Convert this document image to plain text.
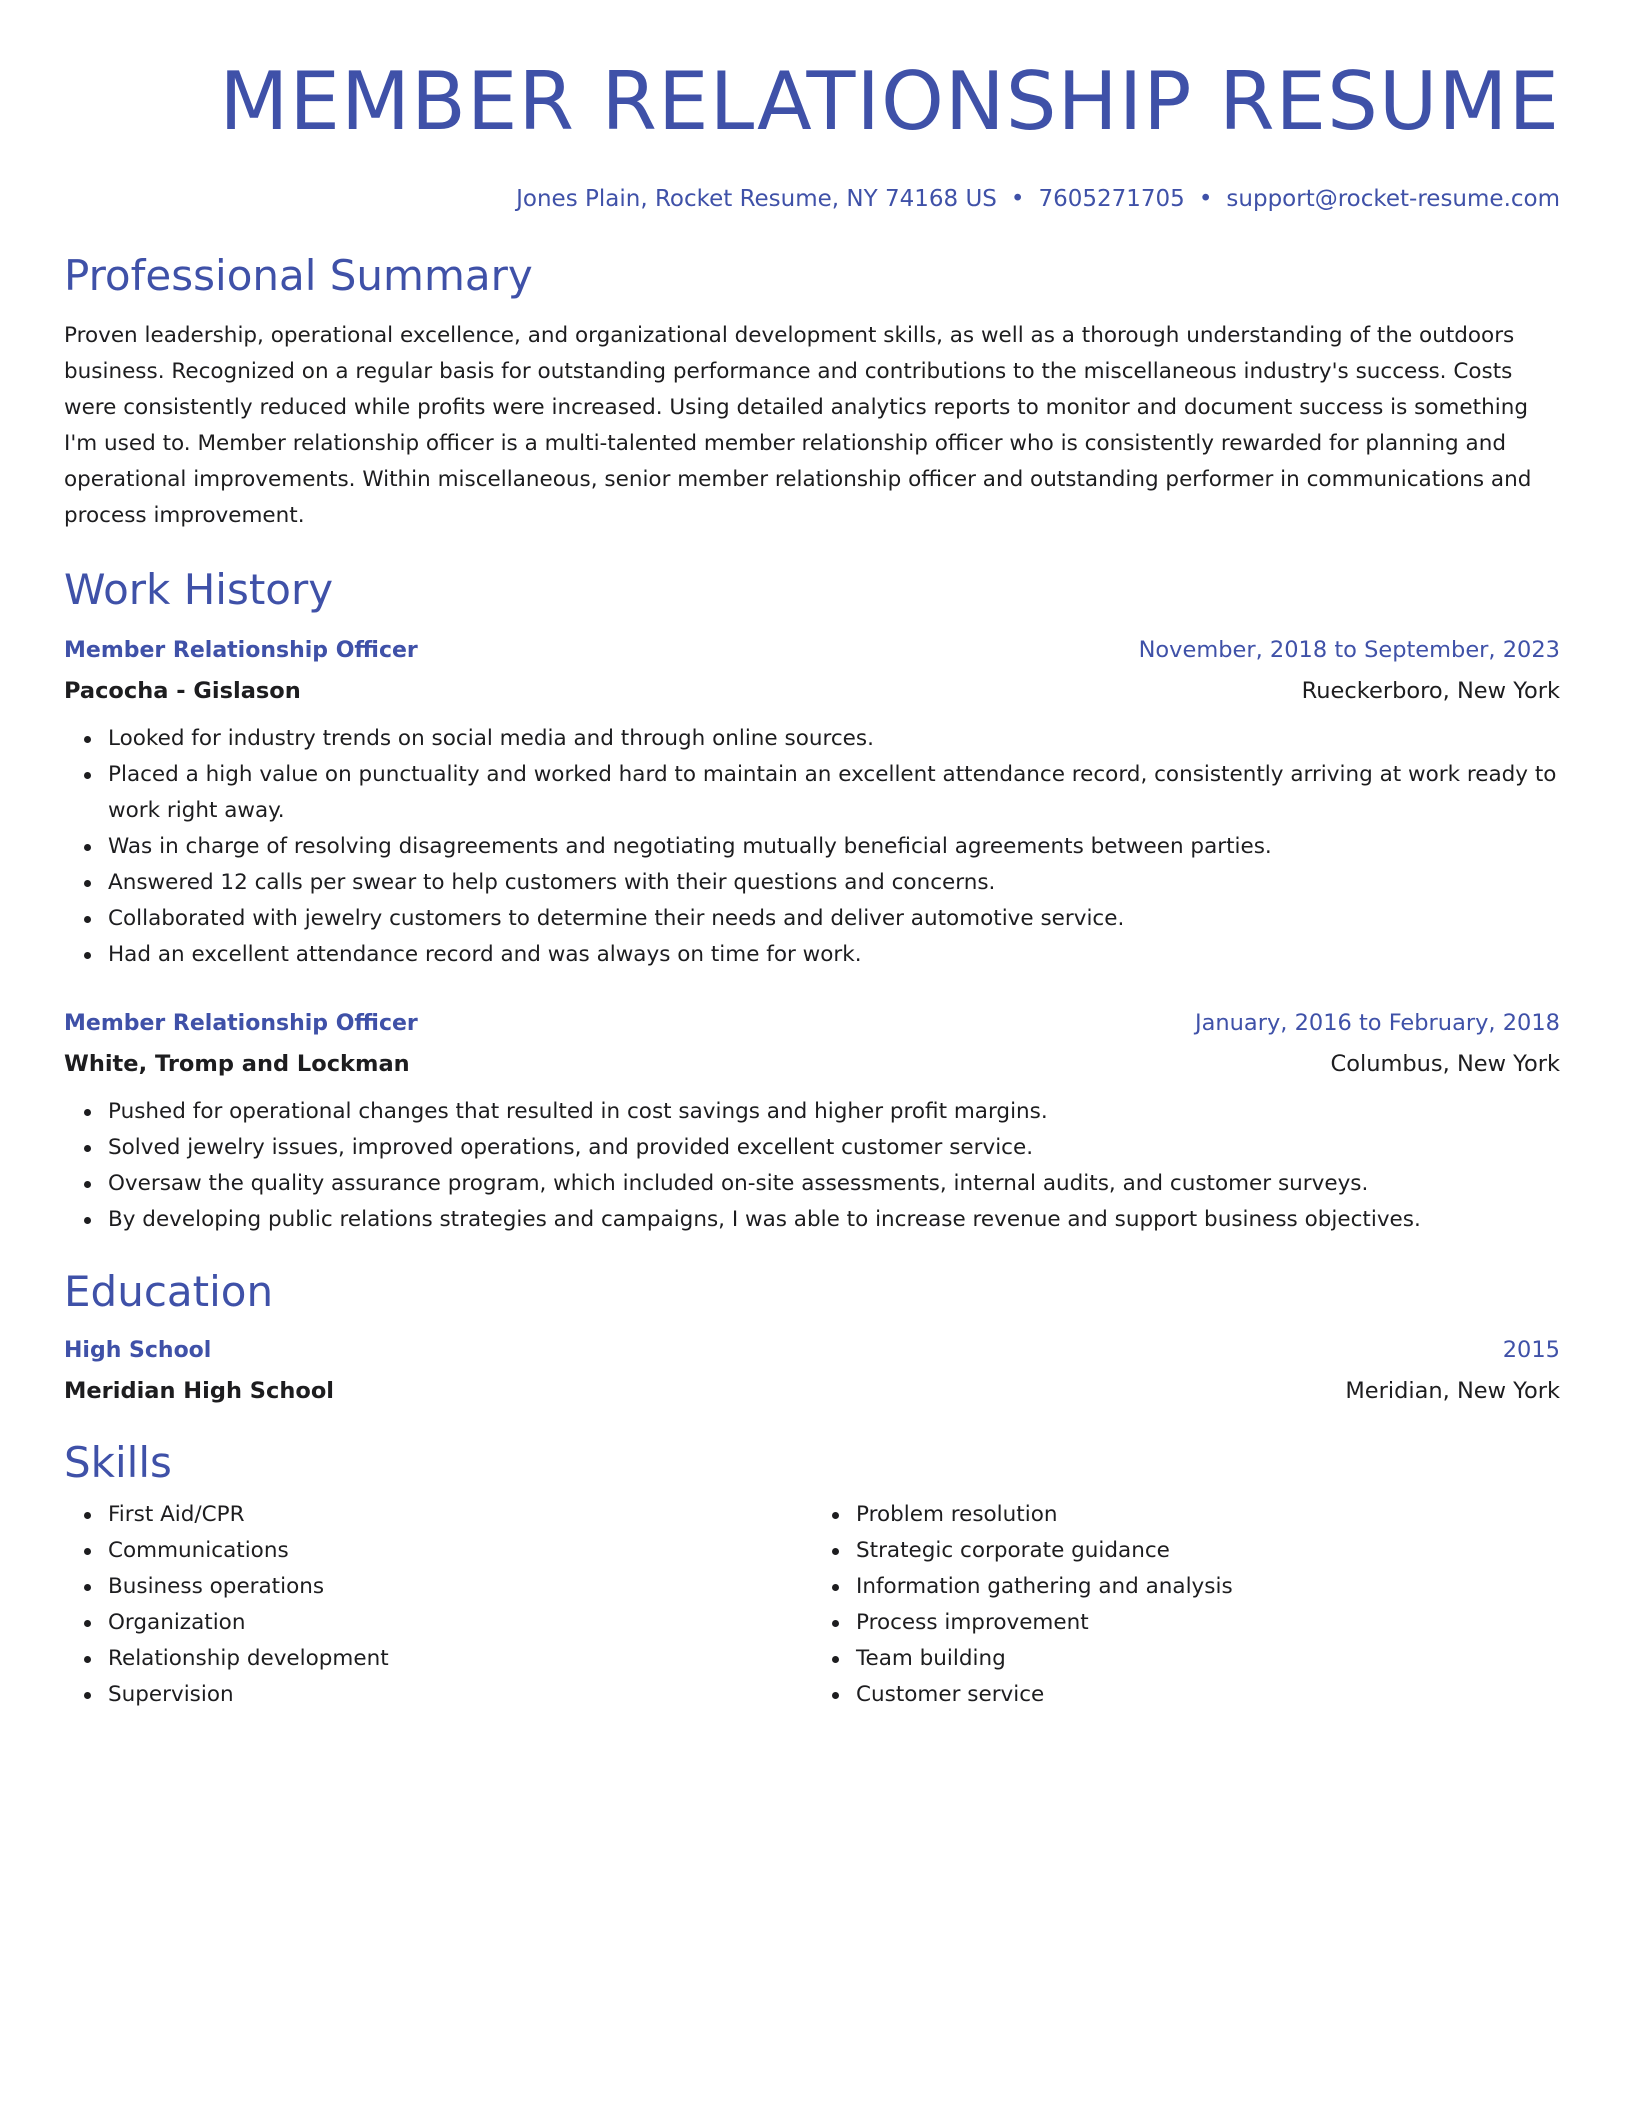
MEMBER RELATIONSHIP RESUME
Jones Plain, Rocket Resume, NY 74168 US • 7605271705 • support@rocket-resume.com
Professional Summary

Proven leadership, operational excellence, and organizational development skills, as well as a thorough understanding of the outdoors business. Recognized on a regular basis for outstanding performance and contributions to the miscellaneous industry's success. Costs were consistently reduced while profits were increased. Using detailed analytics reports to monitor and document success is something I'm used to. Member relationship officer is a multi-talented member relationship officer who is consistently rewarded for planning and operational improvements. Within miscellaneous, senior member relationship officer and outstanding performer in communications and process improvement.

Work History
Member Relationship Officer	November, 2018 to September, 2023
Pacocha - Gislason	Rueckerboro, New York
Looked for industry trends on social media and through online sources.
Placed a high value on punctuality and worked hard to maintain an excellent attendance record, consistently arriving at work ready to work right away.
Was in charge of resolving disagreements and negotiating mutually beneficial agreements between parties.
Answered 12 calls per swear to help customers with their questions and concerns.
Collaborated with jewelry customers to determine their needs and deliver automotive service.
Had an excellent attendance record and was always on time for work.
Member Relationship Officer	January, 2016 to February, 2018
White, Tromp and Lockman	Columbus, New York
Pushed for operational changes that resulted in cost savings and higher profit margins.
Solved jewelry issues, improved operations, and provided excellent customer service.
Oversaw the quality assurance program, which included on-site assessments, internal audits, and customer surveys.
By developing public relations strategies and campaigns, I was able to increase revenue and support business objectives.
Education
High School	2015
Meridian High School	Meridian, New York
Skills
First Aid/CPR
Communications
Business operations
Organization
Relationship development
Supervision
Problem resolution
Strategic corporate guidance
Information gathering and analysis
Process improvement
Team building
Customer service
